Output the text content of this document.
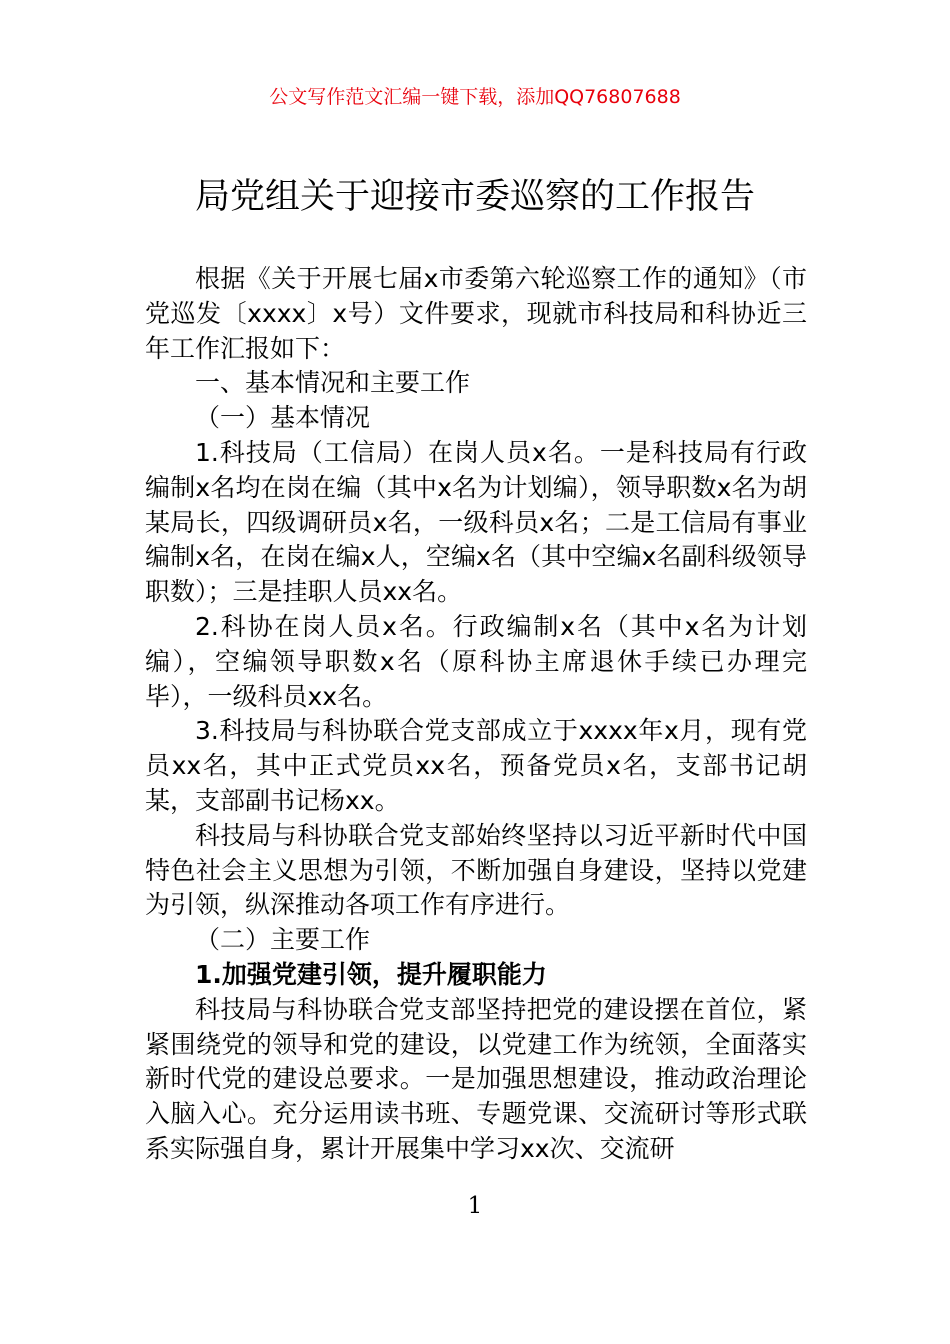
公文写作范文汇编一键下载，添加QQ76807688
局党组关于迎接市委巡察的工作报告

根据《关于开展七届x市委第六轮巡察工作的通知》（市党巡发〔xxxx〕x号）文件要求，现就市科技局和科协近三年工作汇报如下：

一、基本情况和主要工作

（一）基本情况

1.科技局（工信局）在岗人员x名。一是科技局有行政编制x名均在岗在编（其中x名为计划编），领导职数x名为胡某局长，四级调研员x名，一级科员x名；二是工信局有事业编制x名，在岗在编x人，空编x名（其中空编x名副科级领导职数）；三是挂职人员xx名。

2.科协在岗人员x名。行政编制x名（其中x名为计划编），空编领导职数x名（原科协主席退休手续已办理完毕），一级科员xx名。

3.科技局与科协联合党支部成立于xxxx年x月，现有党员xx名，其中正式党员xx名，预备党员x名，支部书记胡某，支部副书记杨xx。

科技局与科协联合党支部始终坚持以习近平新时代中国特色社会主义思想为引领，不断加强自身建设，坚持以党建为引领，纵深推动各项工作有序进行。

（二）主要工作

1.加强党建引领，提升履职能力

科技局与科协联合党支部坚持把党的建设摆在首位，紧紧围绕党的领导和党的建设，以党建工作为统领，全面落实新时代党的建设总要求。一是加强思想建设，推动政治理论入脑入心。充分运用读书班、专题党课、交流研讨等形式联系实际强自身，累计开展集中学习xx次、交流研

1
